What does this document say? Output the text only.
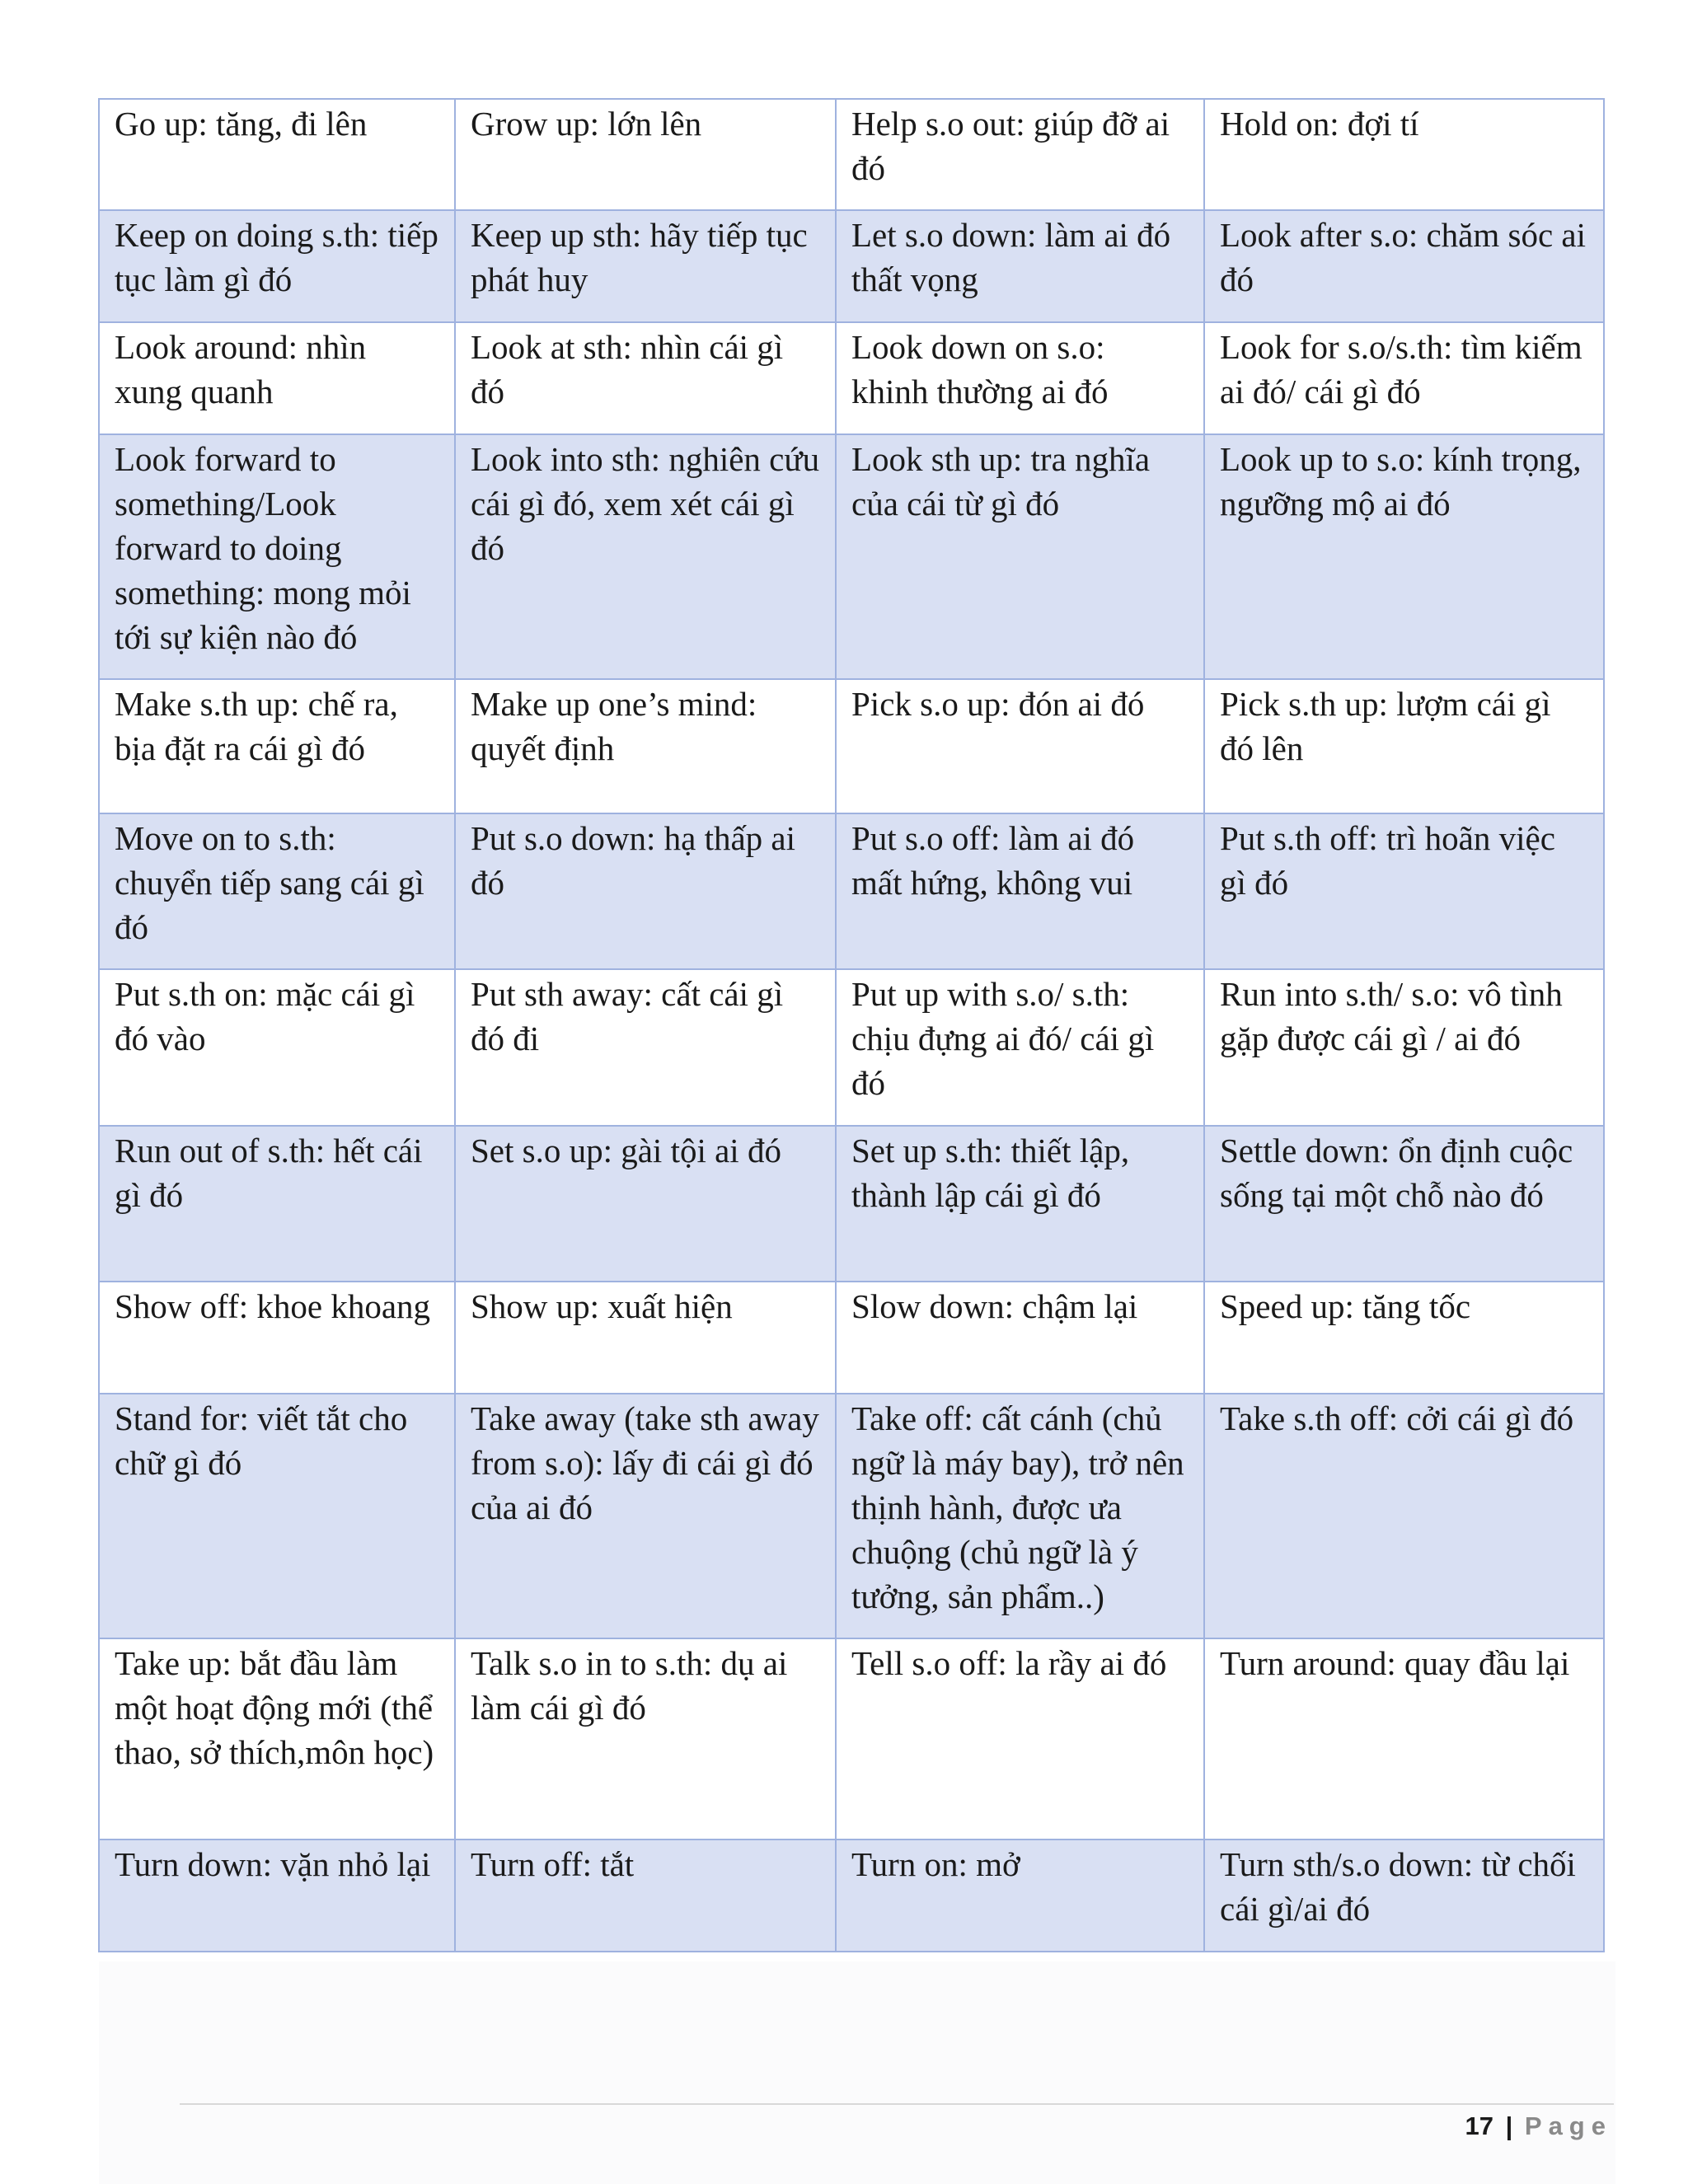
Go up: tăng, đi lên	Grow up: lớn lên	Help s.o out: giúp đỡ ai đó	Hold on: đợi tí

Keep on doing s.th: tiếp tục làm gì đó	Keep up sth: hãy tiếp tục phát huy	Let s.o down: làm ai đó thất vọng	Look after s.o: chăm sóc ai đó

Look around: nhìn xung quanh	Look at sth: nhìn cái gì đó	Look down on s.o: khinh thường ai đó	Look for s.o/s.th: tìm kiếm ai đó/ cái gì đó

Look forward to something/Look forward to doing something: mong mỏi tới sự kiện nào đó	Look into sth: nghiên cứu cái gì đó, xem xét cái gì đó	Look sth up: tra nghĩa của cái từ gì đó	Look up to s.o: kính trọng, ngưỡng mộ ai đó

Make s.th up: chế ra, bịa đặt ra cái gì đó	Make up one’s mind: quyết định	Pick s.o up: đón ai đó	Pick s.th up: lượm cái gì đó lên

Move on to s.th: chuyển tiếp sang cái gì đó	Put s.o down: hạ thấp ai đó	Put s.o off: làm ai đó mất hứng, không vui	Put s.th off: trì hoãn việc gì đó

Put s.th on: mặc cái gì đó vào	Put sth away: cất cái gì đó đi	Put up with s.o/ s.th: chịu đựng ai đó/ cái gì đó	Run into s.th/ s.o: vô tình gặp được cái gì / ai đó

Run out of s.th: hết cái gì đó	Set s.o up: gài tội ai đó	Set up s.th: thiết lập, thành lập cái gì đó	Settle down: ổn định cuộc sống tại một chỗ nào đó

Show off: khoe khoang	Show up: xuất hiện	Slow down: chậm lại	Speed up: tăng tốc

Stand for: viết tắt cho chữ gì đó	Take away (take sth away from s.o): lấy đi cái gì đó của ai đó	Take off: cất cánh (chủ ngữ là máy bay), trở nên thịnh hành, được ưa chuộng (chủ ngữ là ý tưởng, sản phẩm..)	Take s.th off: cởi cái gì đó

Take up: bắt đầu làm một hoạt động mới (thể thao, sở thích,môn học)	Talk s.o in to s.th: dụ ai làm cái gì đó	Tell s.o off: la rầy ai đó	Turn around: quay đầu lại

Turn down: vặn nhỏ lại	Turn off: tắt	Turn on: mở	Turn sth/s.o down: từ chối cái gì/ai đó
17 | Page
